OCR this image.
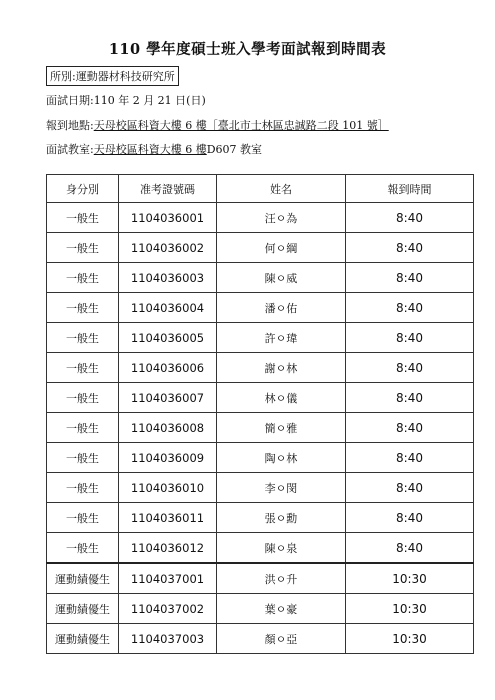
110 學年度碩士班入學考面試報到時間表
所別:運動器材科技研究所
面試日期:110 年 2 月 21 日(日)
報到地點:天母校區科資大樓 6 樓［臺北市士林區忠誠路二段 101 號］
面試教室:天母校區科資大樓 6 樓D607 教室
身分別	准考證號碼	姓名	報到時間
一般生	1104036001	汪ㅇ為	8:40
一般生	1104036002	何ㅇ綱	8:40
一般生	1104036003	陳ㅇ威	8:40
一般生	1104036004	潘ㅇ佑	8:40
一般生	1104036005	許ㅇ瑋	8:40
一般生	1104036006	謝ㅇ林	8:40
一般生	1104036007	林ㅇ儀	8:40
一般生	1104036008	簡ㅇ雅	8:40
一般生	1104036009	陶ㅇ林	8:40
一般生	1104036010	李ㅇ閔	8:40
一般生	1104036011	張ㅇ勳	8:40
一般生	1104036012	陳ㅇ泉	8:40
運動績優生	1104037001	洪ㅇ升	10:30
運動績優生	1104037002	葉ㅇ豪	10:30
運動績優生	1104037003	顏ㅇ亞	10:30
